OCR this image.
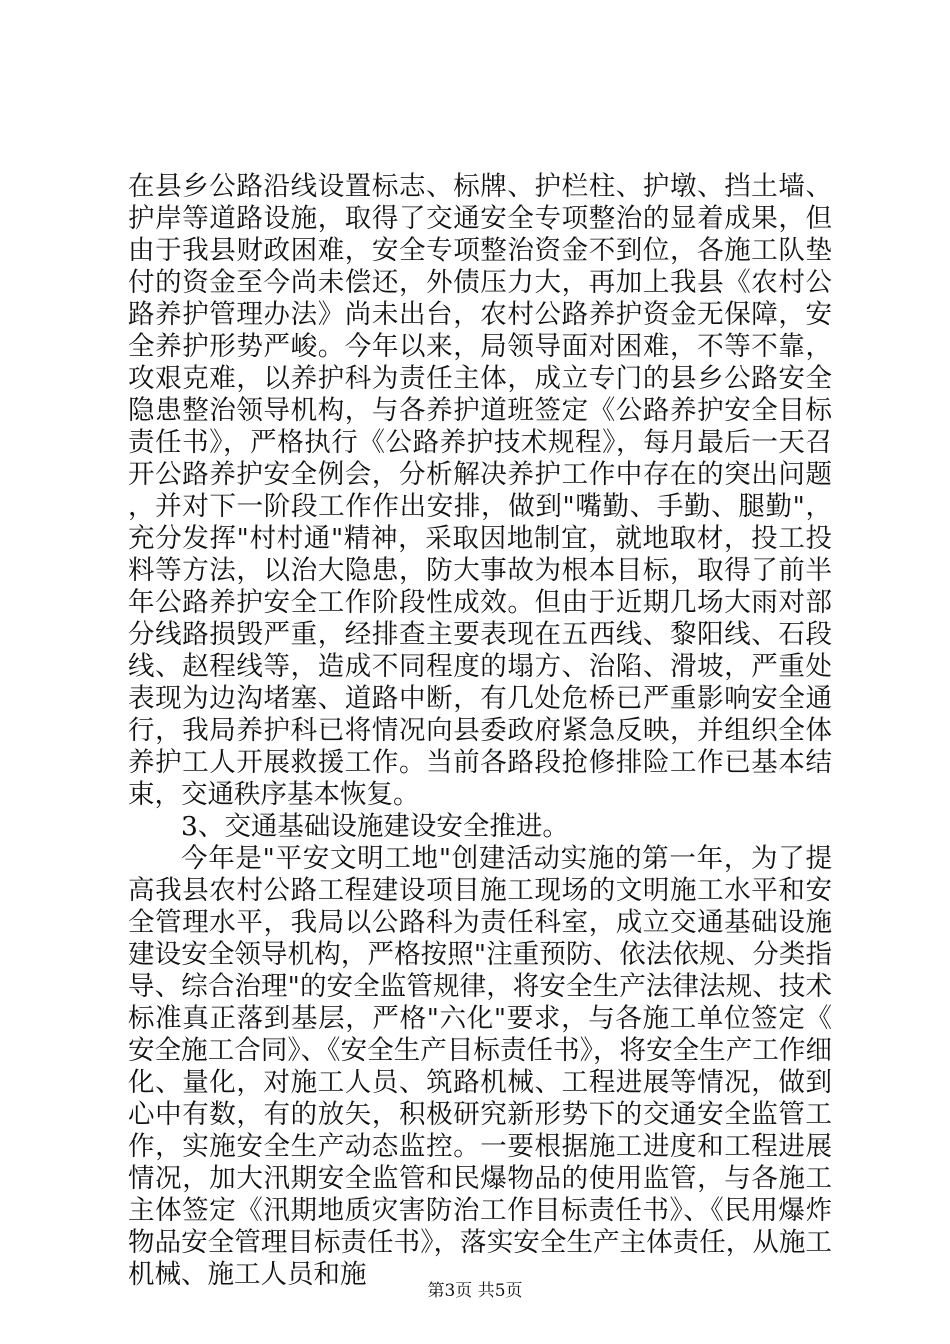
在县乡公路沿线设置标志、标牌、护栏柱、护墩、挡土墙、护岸等道路设施，取得了交通安全专项整治的显着成果，但由于我县财政困难，安全专项整治资金不到位，各施工队垫付的资金至今尚未偿还，外债压力大，再加上我县《农村公路养护管理办法》尚未出台，农村公路养护资金无保障，安全养护形势严峻。今年以来，局领导面对困难，不等不靠，攻艰克难，以养护科为责任主体，成立专门的县乡公路安全隐患整治领导机构，与各养护道班签定《公路养护安全目标责任书》，严格执行《公路养护技术规程》，每月最后一天召开公路养护安全例会，分析解决养护工作中存在的突出问题，并对下一阶段工作作出安排，做到"嘴勤、手勤、腿勤"，充分发挥"村村通"精神，采取因地制宜，就地取材，投工投料等方法，以治大隐患，防大事故为根本目标，取得了前半年公路养护安全工作阶段性成效。但由于近期几场大雨对部分线路损毁严重，经排查主要表现在五西线、黎阳线、石段线、赵程线等，造成不同程度的塌方、治陷、滑坡，严重处表现为边沟堵塞、道路中断，有几处危桥已严重影响安全通行，我局养护科已将情况向县委政府紧急反映，并组织全体养护工人开展救援工作。当前各路段抢修排险工作已基本结束，交通秩序基本恢复。

3、交通基础设施建设安全推进。

今年是"平安文明工地"创建活动实施的第一年，为了提高我县农村公路工程建设项目施工现场的文明施工水平和安全管理水平，我局以公路科为责任科室，成立交通基础设施建设安全领导机构，严格按照"注重预防、依法依规、分类指导、综合治理"的安全监管规律，将安全生产法律法规、技术标准真正落到基层，严格"六化"要求，与各施工单位签定《安全施工合同》、《安全生产目标责任书》，将安全生产工作细化、量化，对施工人员、筑路机械、工程进展等情况，做到心中有数，有的放矢，积极研究新形势下的交通安全监管工作，实施安全生产动态监控。一要根据施工进度和工程进展情况，加大汛期安全监管和民爆物品的使用监管，与各施工主体签定《汛期地质灾害防治工作目标责任书》、《民用爆炸物品安全管理目标责任书》，落实安全生产主体责任，从施工机械、施工人员和施

第3页 共5页
